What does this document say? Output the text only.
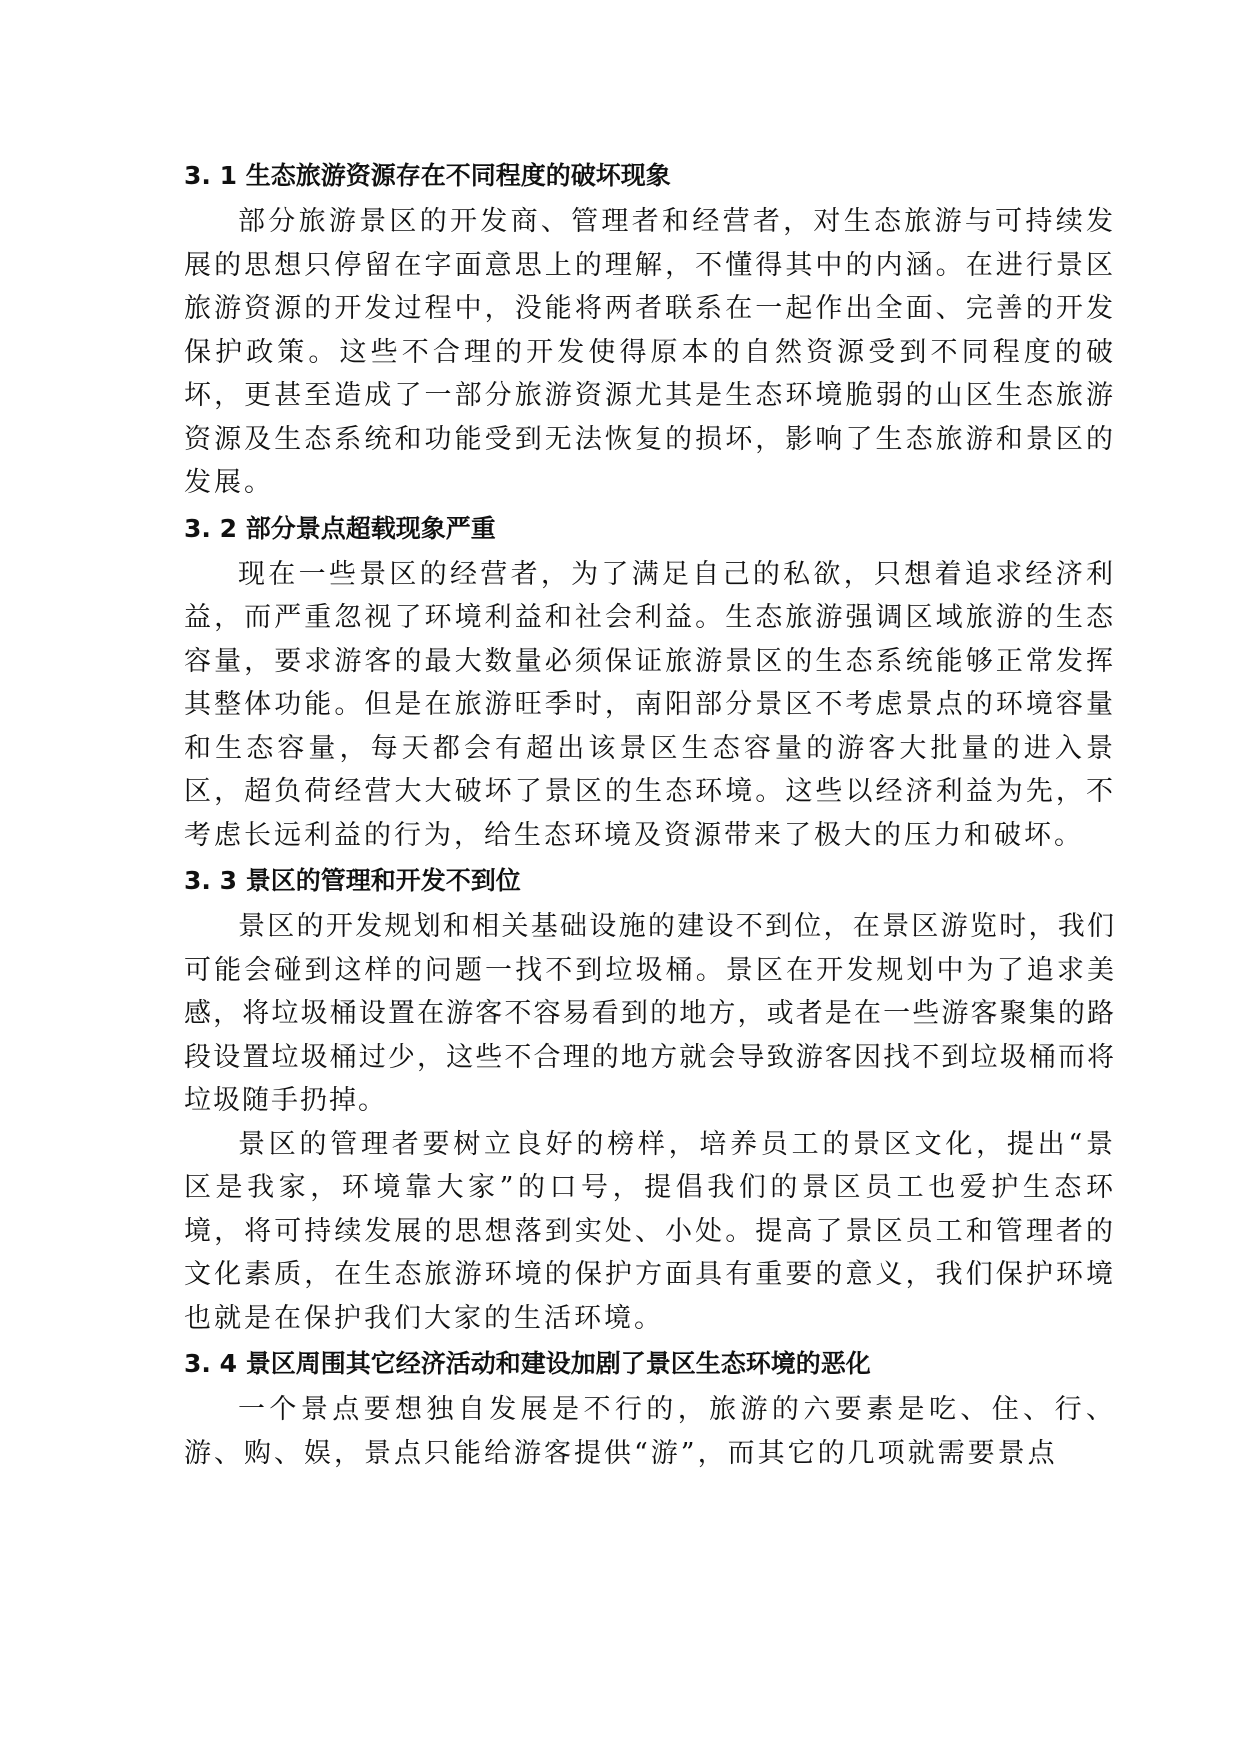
3. 1 生态旅游资源存在不同程度的破坏现象

部分旅游景区的开发商、管理者和经营者，对生态旅游与可持续发展的思想只停留在字面意思上的理解，不懂得其中的内涵。在进行景区旅游资源的开发过程中，没能将两者联系在一起作出全面、完善的开发保护政策。这些不合理的开发使得原本的自然资源受到不同程度的破坏，更甚至造成了一部分旅游资源尤其是生态环境脆弱的山区生态旅游资源及生态系统和功能受到无法恢复的损坏，影响了生态旅游和景区的发展。

3. 2 部分景点超载现象严重

现在一些景区的经营者，为了满足自己的私欲，只想着追求经济利益，而严重忽视了环境利益和社会利益。生态旅游强调区域旅游的生态容量，要求游客的最大数量必须保证旅游景区的生态系统能够正常发挥其整体功能。但是在旅游旺季时，南阳部分景区不考虑景点的环境容量和生态容量，每天都会有超出该景区生态容量的游客大批量的进入景区，超负荷经营大大破坏了景区的生态环境。这些以经济利益为先，不考虑长远利益的行为，给生态环境及资源带来了极大的压力和破坏。

3. 3 景区的管理和开发不到位

景区的开发规划和相关基础设施的建设不到位，在景区游览时，我们可能会碰到这样的问题一找不到垃圾桶。景区在开发规划中为了追求美感，将垃圾桶设置在游客不容易看到的地方，或者是在一些游客聚集的路段设置垃圾桶过少，这些不合理的地方就会导致游客因找不到垃圾桶而将垃圾随手扔掉。

景区的管理者要树立良好的榜样，培养员工的景区文化，提出“景区是我家，环境靠大家”的口号，提倡我们的景区员工也爱护生态环境，将可持续发展的思想落到实处、小处。提高了景区员工和管理者的文化素质，在生态旅游环境的保护方面具有重要的意义，我们保护环境也就是在保护我们大家的生活环境。

3. 4 景区周围其它经济活动和建设加剧了景区生态环境的恶化

一个景点要想独自发展是不行的，旅游的六要素是吃、住、行、游、购、娱，景点只能给游客提供“游”，而其它的几项就需要景点
